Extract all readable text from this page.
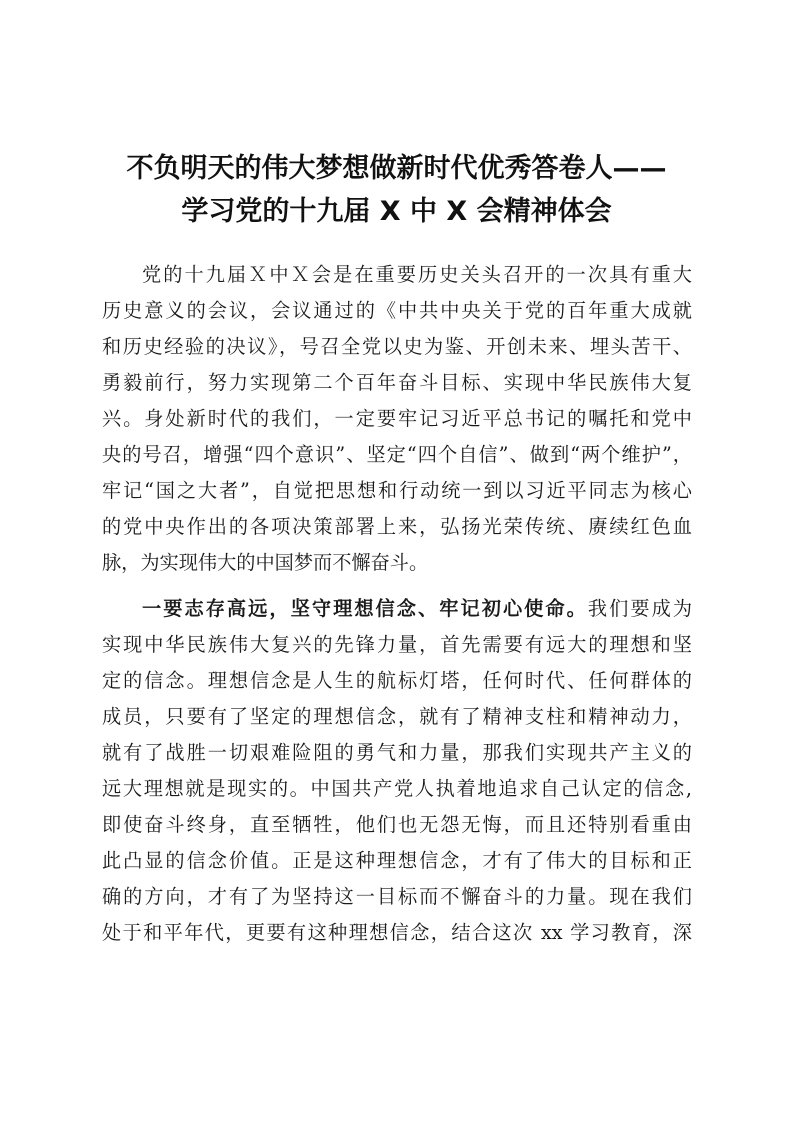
不负明天的伟大梦想做新时代优秀答卷人——
学习党的十九届 X 中 X 会精神体会
党的十九届Ｘ中Ｘ会是在重要历史关头召开的一次具有重大
历史意义的会议，会议通过的《中共中央关于党的百年重大成就
和历史经验的决议》，号召全党以史为鉴、开创未来、埋头苦干、
勇毅前行，努力实现第二个百年奋斗目标、实现中华民族伟大复
兴。身处新时代的我们，一定要牢记习近平总书记的嘱托和党中
央的号召，增强“四个意识”、坚定“四个自信”、做到“两个维护”，
牢记“国之大者”，自觉把思想和行动统一到以习近平同志为核心
的党中央作出的各项决策部署上来，弘扬光荣传统、赓续红色血
脉，为实现伟大的中国梦而不懈奋斗。
一要志存高远，坚守理想信念、牢记初心使命。我们要成为
实现中华民族伟大复兴的先锋力量，首先需要有远大的理想和坚
定的信念。理想信念是人生的航标灯塔，任何时代、任何群体的
成员，只要有了坚定的理想信念，就有了精神支柱和精神动力，
就有了战胜一切艰难险阻的勇气和力量，那我们实现共产主义的
远大理想就是现实的。中国共产党人执着地追求自己认定的信念,
即使奋斗终身，直至牺牲，他们也无怨无悔，而且还特别看重由
此凸显的信念价值。正是这种理想信念，才有了伟大的目标和正
确的方向，才有了为坚持这一目标而不懈奋斗的力量。现在我们
处于和平年代，更要有这种理想信念，结合这次 xx 学习教育，深
